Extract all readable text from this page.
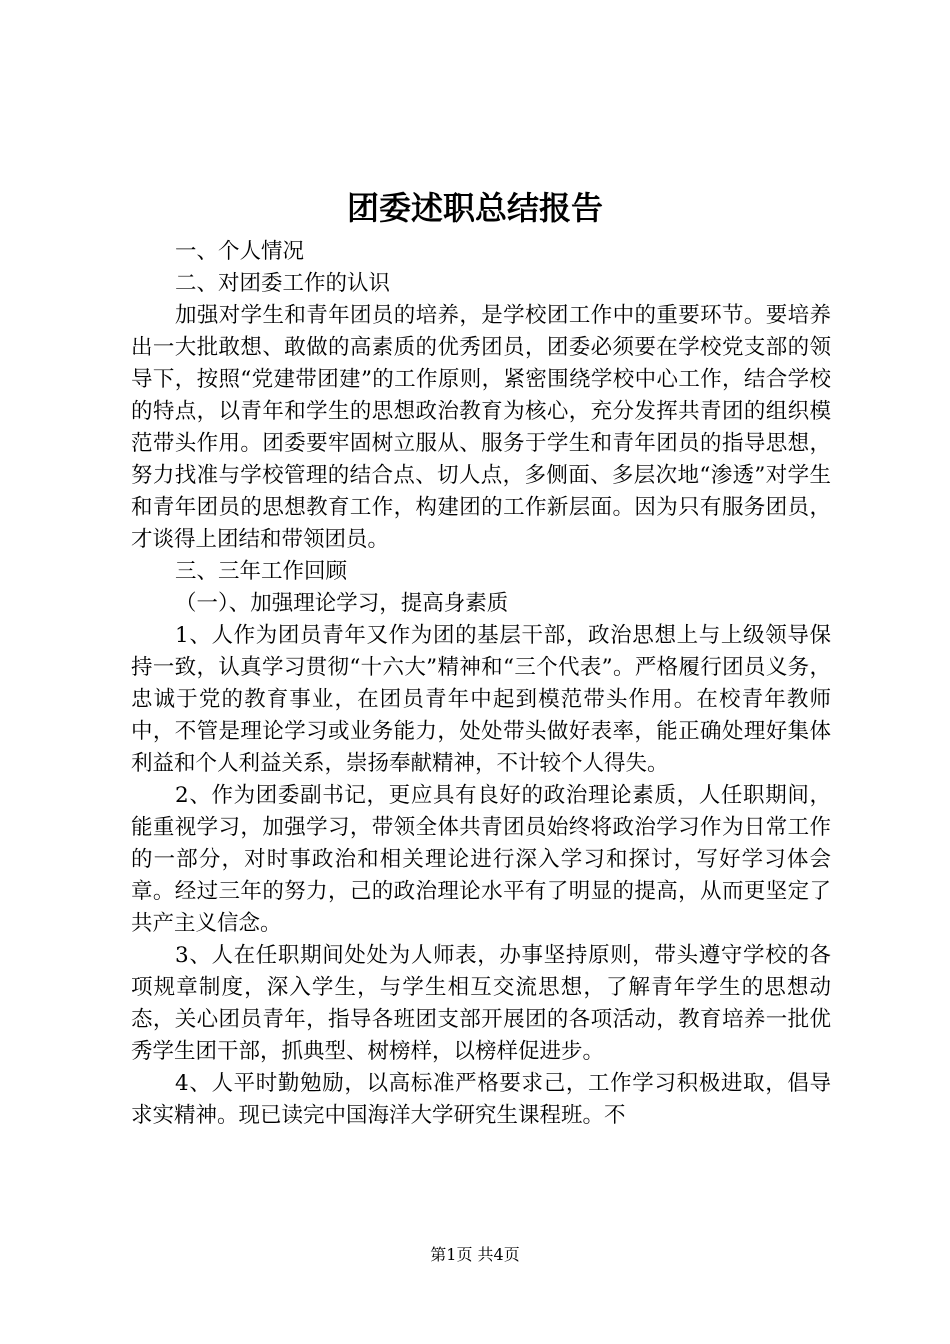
团委述职总结报告

一、个人情况

二、对团委工作的认识

加强对学生和青年团员的培养，是学校团工作中的重要环节。要培养出一大批敢想、敢做的高素质的优秀团员，团委必须要在学校党支部的领导下，按照“党建带团建”的工作原则，紧密围绕学校中心工作，结合学校的特点，以青年和学生的思想政治教育为核心，充分发挥共青团的组织模范带头作用。团委要牢固树立服从、服务于学生和青年团员的指导思想，努力找准与学校管理的结合点、切人点，多侧面、多层次地“渗透”对学生和青年团员的思想教育工作，构建团的工作新层面。因为只有服务团员，才谈得上团结和带领团员。

三、三年工作回顾

（一）、加强理论学习，提高身素质

1、人作为团员青年又作为团的基层干部，政治思想上与上级领导保持一致，认真学习贯彻“十六大”精神和“三个代表”。严格履行团员义务，忠诚于党的教育事业，在团员青年中起到模范带头作用。在校青年教师中，不管是理论学习或业务能力，处处带头做好表率，能正确处理好集体利益和个人利益关系，崇扬奉献精神，不计较个人得失。

2、作为团委副书记，更应具有良好的政治理论素质，人任职期间，能重视学习，加强学习，带领全体共青团员始终将政治学习作为日常工作的一部分，对时事政治和相关理论进行深入学习和探讨，写好学习体会章。经过三年的努力，己的政治理论水平有了明显的提高，从而更坚定了共产主义信念。

3、人在任职期间处处为人师表，办事坚持原则，带头遵守学校的各项规章制度，深入学生，与学生相互交流思想，了解青年学生的思想动态，关心团员青年，指导各班团支部开展团的各项活动，教育培养一批优秀学生团干部，抓典型、树榜样，以榜样促进步。

4、人平时勤勉励，以高标准严格要求己，工作学习积极进取，倡导求实精神。现已读完中国海洋大学研究生课程班。不

第1页 共4页
